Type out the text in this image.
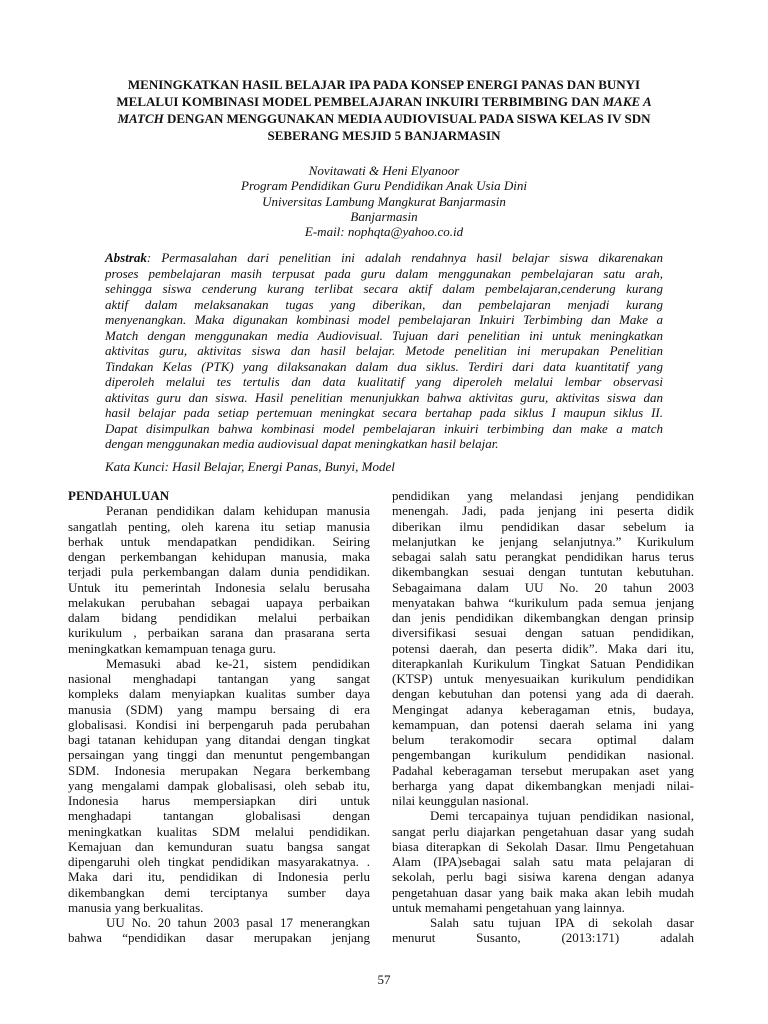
MENINGKATKAN HASIL BELAJAR IPA PADA KONSEP ENERGI PANAS DAN BUNYI

MELALUI KOMBINASI MODEL PEMBELAJARAN INKUIRI TERBIMBING DAN MAKE A

MATCH DENGAN MENGGUNAKAN MEDIA AUDIOVISUAL PADA SISWA KELAS IV SDN

SEBERANG MESJID 5 BANJARMASIN

Novitawati & Heni Elyanoor

Program Pendidikan Guru Pendidikan Anak Usia Dini

Universitas Lambung Mangkurat Banjarmasin

Banjarmasin

E-mail: nophqta@yahoo.co.id

Abstrak: Permasalahan dari penelitian ini adalah rendahnya hasil belajar siswa dikarenakan

proses pembelajaran masih terpusat pada guru dalam menggunakan pembelajaran satu arah,

sehingga siswa cenderung kurang terlibat secara aktif dalam pembelajaran,cenderung kurang

aktif dalam melaksanakan tugas yang diberikan, dan pembelajaran menjadi kurang

menyenangkan. Maka digunakan kombinasi model pembelajaran Inkuiri Terbimbing dan Make a

Match dengan menggunakan media Audiovisual. Tujuan dari penelitian ini untuk meningkatkan

aktivitas guru, aktivitas siswa dan hasil belajar. Metode penelitian ini merupakan Penelitian

Tindakan Kelas (PTK) yang dilaksanakan dalam dua siklus. Terdiri dari data kuantitatif yang

diperoleh melalui tes tertulis dan data kualitatif yang diperoleh melalui lembar observasi

aktivitas guru dan siswa. Hasil penelitian menunjukkan bahwa aktivitas guru, aktivitas siswa dan

hasil belajar pada setiap pertemuan meningkat secara bertahap pada siklus I maupun siklus II.

Dapat disimpulkan bahwa kombinasi model pembelajaran inkuiri terbimbing dan make a match

dengan menggunakan media audiovisual dapat meningkatkan hasil belajar.

Kata Kunci: Hasil Belajar, Energi Panas, Bunyi, Model

PENDAHULUAN

Peranan pendidikan dalam kehidupan manusia

sangatlah penting, oleh karena itu setiap manusia

berhak untuk mendapatkan pendidikan. Seiring

dengan perkembangan kehidupan manusia, maka

terjadi pula perkembangan dalam dunia pendidikan.

Untuk itu pemerintah Indonesia selalu berusaha

melakukan perubahan sebagai uapaya perbaikan

dalam bidang pendidikan melalui perbaikan

kurikulum , perbaikan sarana dan prasarana serta

meningkatkan kemampuan tenaga guru.

Memasuki abad ke-21, sistem pendidikan

nasional menghadapi tantangan yang sangat

kompleks dalam menyiapkan kualitas sumber daya

manusia (SDM) yang mampu bersaing di era

globalisasi. Kondisi ini berpengaruh pada perubahan

bagi tatanan kehidupan yang ditandai dengan tingkat

persaingan yang tinggi dan menuntut pengembangan

SDM. Indonesia merupakan Negara berkembang

yang mengalami dampak globalisasi, oleh sebab itu,

Indonesia harus mempersiapkan diri untuk

menghadapi tantangan globalisasi dengan

meningkatkan kualitas SDM melalui pendidikan.

Kemajuan dan kemunduran suatu bangsa sangat

dipengaruhi oleh tingkat pendidikan masyarakatnya. .

Maka dari itu, pendidikan di Indonesia perlu

dikembangkan demi terciptanya sumber daya

manusia yang berkualitas.

UU No. 20 tahun 2003 pasal 17 menerangkan

bahwa “pendidikan dasar merupakan jenjang

pendidikan yang melandasi jenjang pendidikan

menengah. Jadi, pada jenjang ini peserta didik

diberikan ilmu pendidikan dasar sebelum ia

melanjutkan ke jenjang selanjutnya.” Kurikulum

sebagai salah satu perangkat pendidikan harus terus

dikembangkan sesuai dengan tuntutan kebutuhan.

Sebagaimana dalam UU No. 20 tahun 2003

menyatakan bahwa “kurikulum pada semua jenjang

dan jenis pendidikan dikembangkan dengan prinsip

diversifikasi sesuai dengan satuan pendidikan,

potensi daerah, dan peserta didik”. Maka dari itu,

diterapkanlah Kurikulum Tingkat Satuan Pendidikan

(KTSP) untuk menyesuaikan kurikulum pendidikan

dengan kebutuhan dan potensi yang ada di daerah.

Mengingat adanya keberagaman etnis, budaya,

kemampuan, dan potensi daerah selama ini yang

belum terakomodir secara optimal dalam

pengembangan kurikulum pendidikan nasional.

Padahal keberagaman tersebut merupakan aset yang

berharga yang dapat dikembangkan menjadi nilai-

nilai keunggulan nasional.

Demi tercapainya tujuan pendidikan nasional,

sangat perlu diajarkan pengetahuan dasar yang sudah

biasa diterapkan di Sekolah Dasar. Ilmu Pengetahuan

Alam (IPA)sebagai salah satu mata pelajaran di

sekolah, perlu bagi sisiwa karena dengan adanya

pengetahuan dasar yang baik maka akan lebih mudah

untuk memahami pengetahuan yang lainnya.

Salah satu tujuan IPA di sekolah dasar

menurut Susanto, (2013:171) adalah

57
